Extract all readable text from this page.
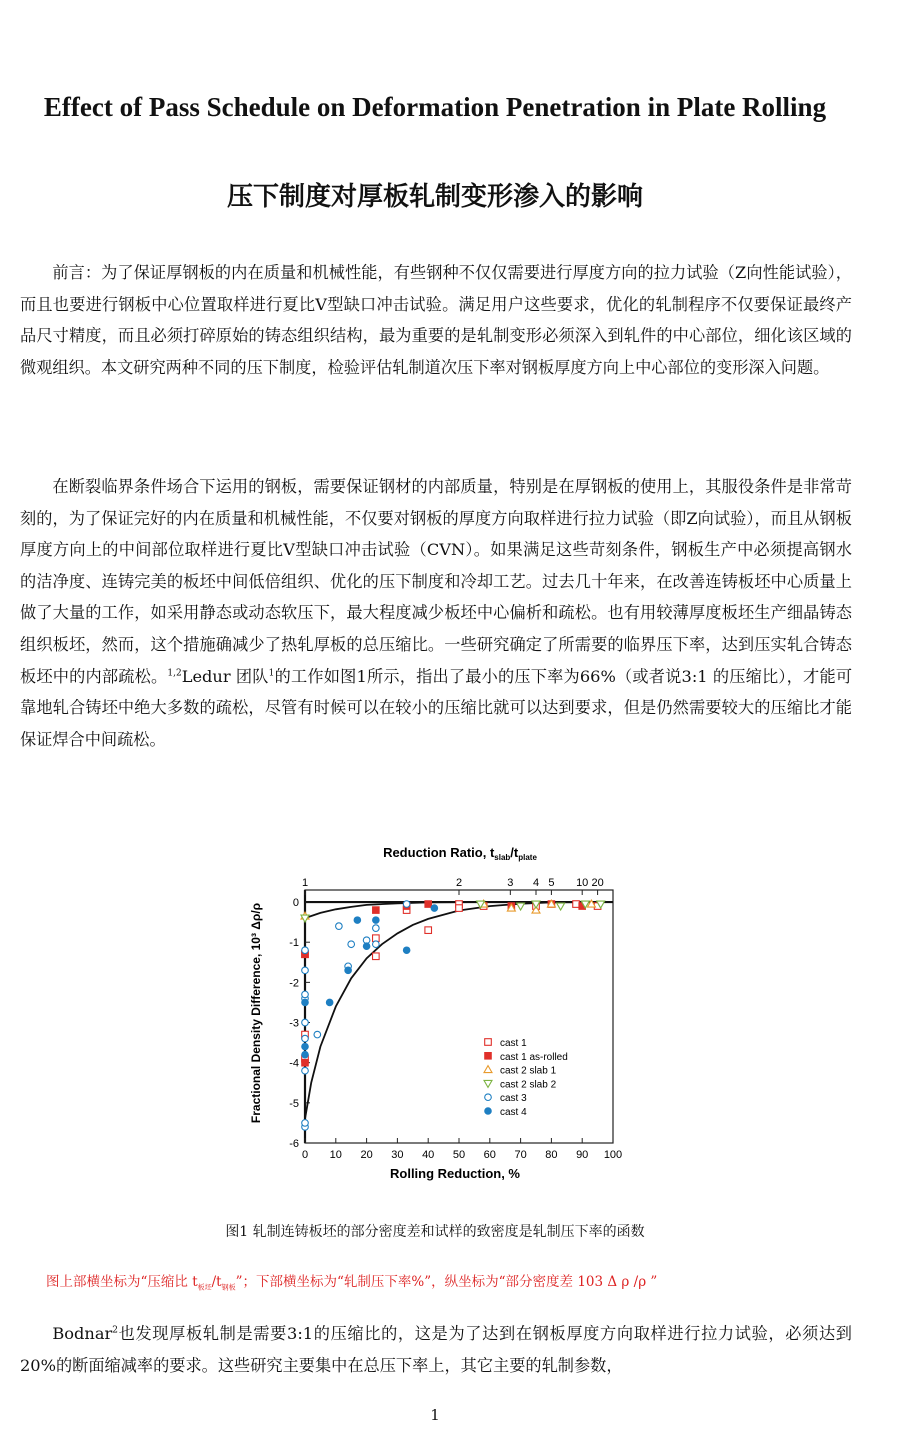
Effect of Pass Schedule on Deformation Penetration in Plate Rolling
压下制度对厚板轧制变形渗入的影响

前言：为了保证厚钢板的内在质量和机械性能，有些钢种不仅仅需要进行厚度方向的拉力试验（Z向性能试验），而且也要进行钢板中心位置取样进行夏比V型缺口冲击试验。满足用户这些要求，优化的轧制程序不仅要保证最终产品尺寸精度，而且必须打碎原始的铸态组织结构，最为重要的是轧制变形必须深入到轧件的中心部位，细化该区域的微观组织。本文研究两种不同的压下制度，检验评估轧制道次压下率对钢板厚度方向上中心部位的变形深入问题。

在断裂临界条件场合下运用的钢板，需要保证钢材的内部质量，特别是在厚钢板的使用上，其服役条件是非常苛刻的，为了保证完好的内在质量和机械性能，不仅要对钢板的厚度方向取样进行拉力试验（即Z向试验），而且从钢板厚度方向上的中间部位取样进行夏比V型缺口冲击试验（CVN）。如果满足这些苛刻条件，钢板生产中必须提高钢水的洁净度、连铸完美的板坯中间低倍组织、优化的压下制度和冷却工艺。过去几十年来，在改善连铸板坯中心质量上做了大量的工作，如采用静态或动态软压下，最大程度减少板坯中心偏析和疏松。也有用较薄厚度板坯生产细晶铸态组织板坯，然而，这个措施确减少了热轧厚板的总压缩比。一些研究确定了所需要的临界压下率，达到压实轧合铸态板坯中的内部疏松。$^{1,2}$Ledur 团队$^1$的工作如图1所示，指出了最小的压下率为66%（或者说3:1 的压缩比），才能可靠地轧合铸坯中绝大多数的疏松，尽管有时候可以在较小的压缩比就可以达到要求，但是仍然需要较大的压缩比才能保证焊合中间疏松。

Reduction Ratio, $t_{slab}/t_{plate}$
0 10 20 30 40 50 60 70 80 90 100
0
-1
-2
-3
-4
-5
-6
1	2	3 4 5 10 20
cast 1
cast 1 as-rolled
cast 2 slab 1
cast 2 slab 2
cast 3
cast 4
Rolling Reduction, %
Fractional Density Difference, 10³ Δρ/ρ
图1 轧制连铸板坯的部分密度差和试样的致密度是轧制压下率的函数
图上部横坐标为“压缩比 $t_{板坯}/t_{钢板}$”；下部横坐标为“轧制压下率%”，纵坐标为“部分密度差 103 Δ ρ /ρ ”

Bodnar$^2$也发现厚板轧制是需要3:1的压缩比的，这是为了达到在钢板厚度方向取样进行拉力试验，必须达到 20%的断面缩减率的要求。这些研究主要集中在总压下率上，其它主要的轧制参数，

1
